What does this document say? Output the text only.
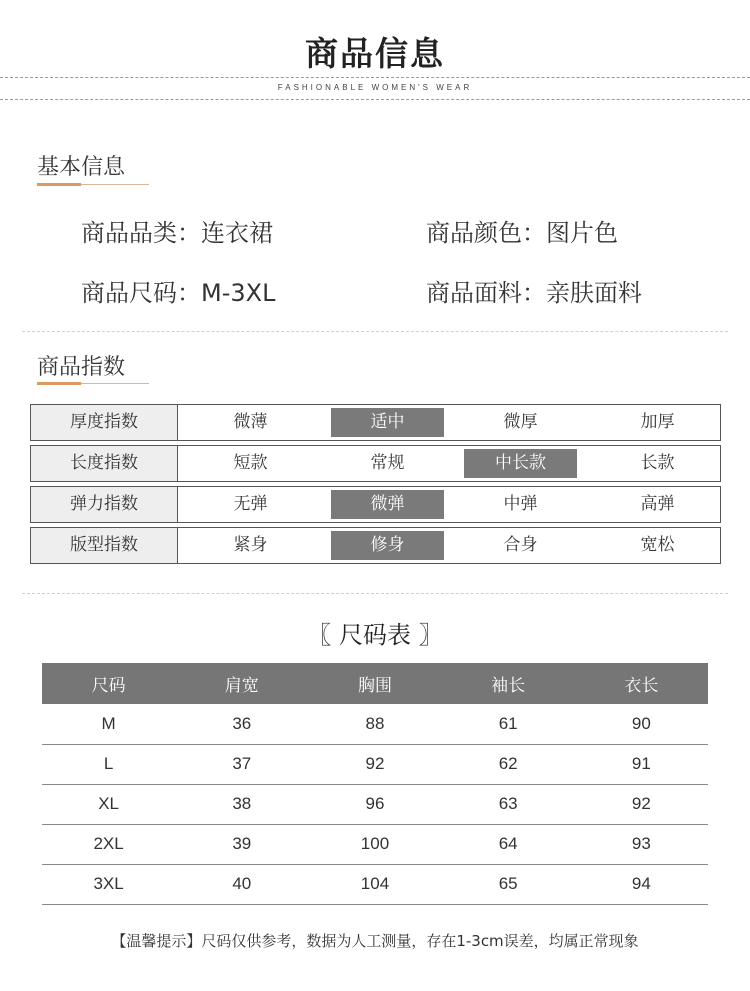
商品信息
FASHIONABLE WOMEN'S WEAR
基本信息
商品品类：连衣裙	商品颜色：图片色
商品尺码：M-3XL	商品面料：亲肤面料
商品指数
厚度指数	微薄	适中	微厚	加厚
长度指数	短款	常规	中长款	长款
弹力指数	无弹	微弹	中弹	高弹
版型指数	紧身	修身	合身	宽松
〖 尺码表 〗
尺码	肩宽	胸围	袖长	衣长
M	36	88	61	90
L	37	92	62	91
XL	38	96	63	92
2XL	39	100	64	93
3XL	40	104	65	94
【温馨提示】尺码仅供参考，数据为人工测量，存在1-3cm误差，均属正常现象
